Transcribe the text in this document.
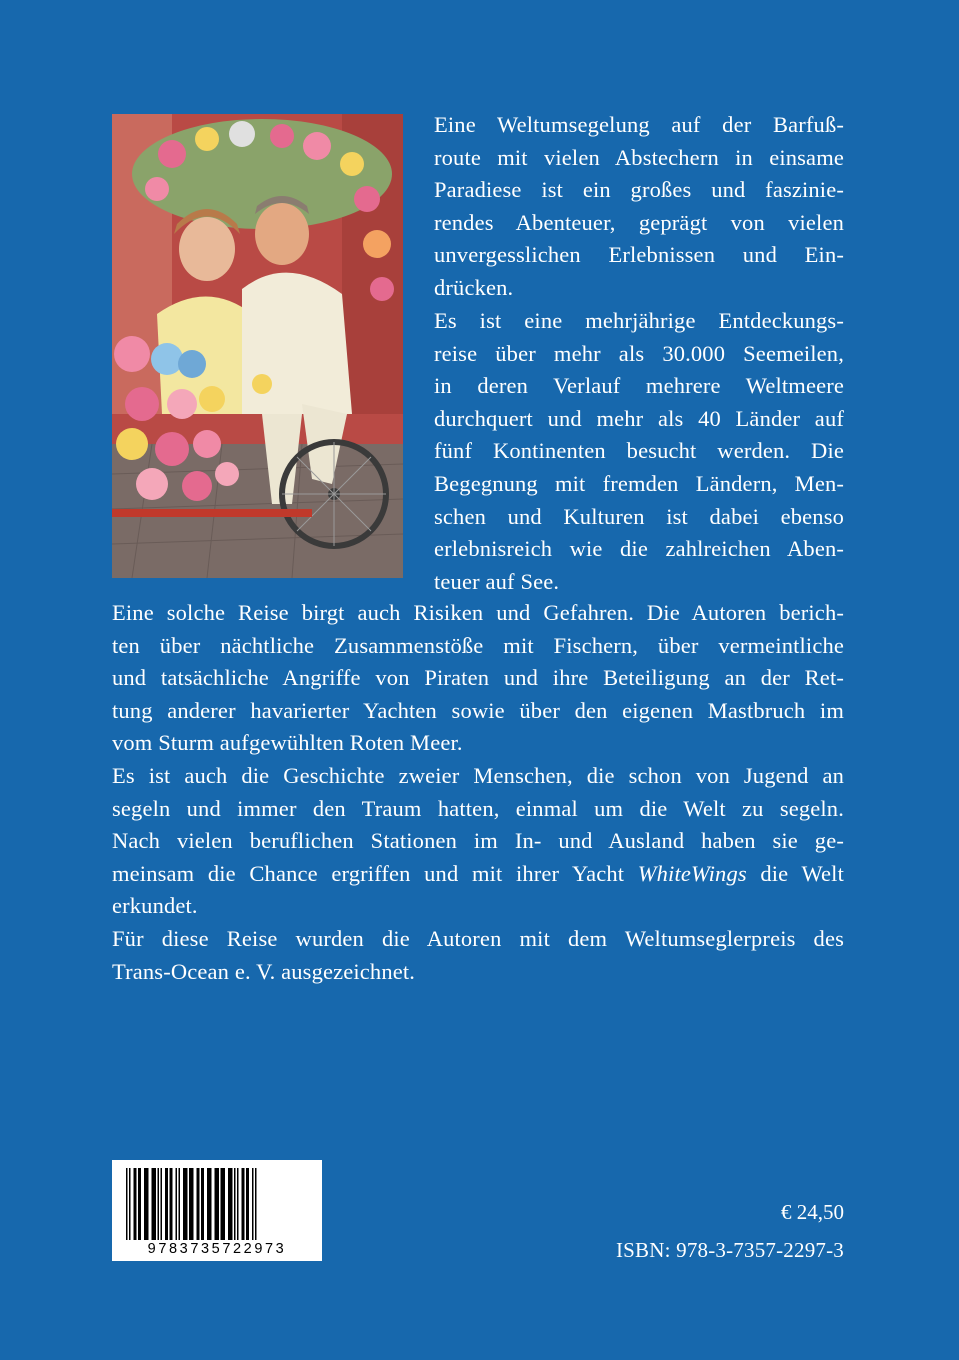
Eine Weltumsegelung auf der Barfuß-
route mit vielen Abstechern in einsame
Paradiese ist ein großes und faszinie-
rendes Abenteuer, geprägt von vielen
unvergesslichen Erlebnissen und Ein-
drücken.
Es ist eine mehrjährige Entdeckungs-
reise über mehr als 30.000 Seemeilen,
in deren Verlauf mehrere Weltmeere
durchquert und mehr als 40 Länder auf
fünf Kontinenten besucht werden. Die
Begegnung mit fremden Ländern, Men-
schen und Kulturen ist dabei ebenso
erlebnisreich wie die zahlreichen Aben-
teuer auf See.
Eine solche Reise birgt auch Risiken und Gefahren. Die Autoren berich-
ten über nächtliche Zusammenstöße mit Fischern, über vermeintliche
und tatsächliche Angriffe von Piraten und ihre Beteiligung an der Ret-
tung anderer havarierter Yachten sowie über den eigenen Mastbruch im
vom Sturm aufgewühlten Roten Meer.
Es ist auch die Geschichte zweier Menschen, die schon von Jugend an
segeln und immer den Traum hatten, einmal um die Welt zu segeln.
Nach vielen beruflichen Stationen im In- und Ausland haben sie ge-
meinsam die Chance ergriffen und mit ihrer Yacht WhiteWings die Welt
erkundet.
Für diese Reise wurden die Autoren mit dem Weltumseglerpreis des
Trans-Ocean e. V. ausgezeichnet.
9783735722973
€ 24,50
ISBN: 978-3-7357-2297-3
